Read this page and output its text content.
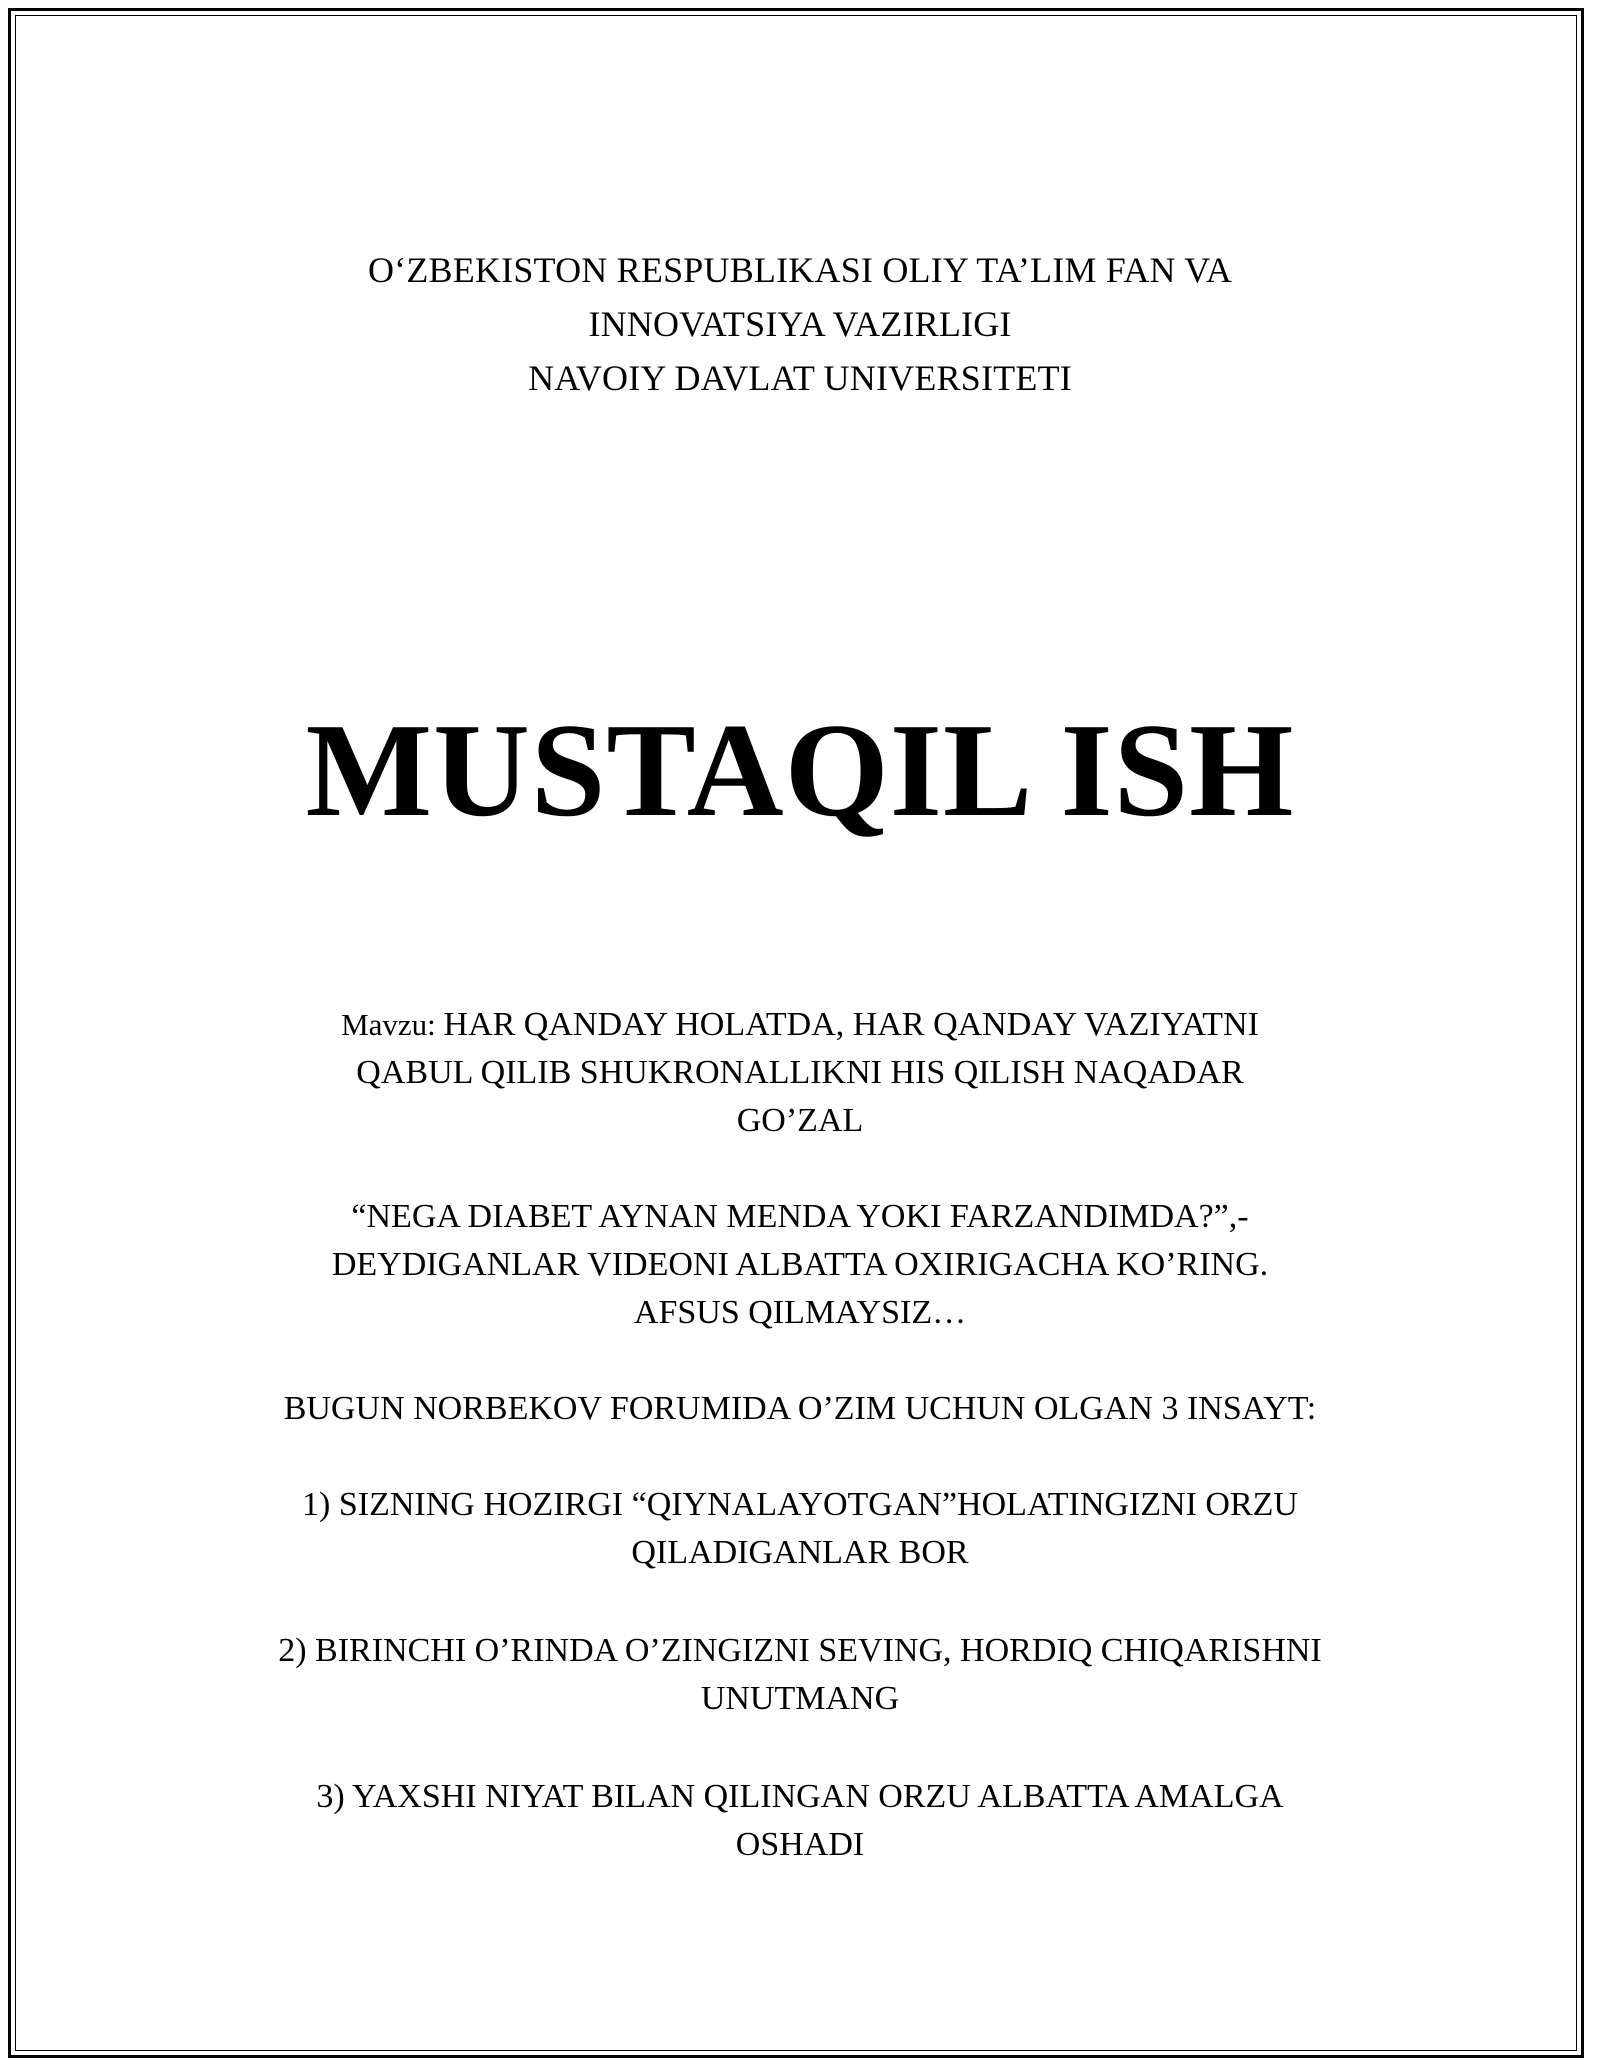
O‘ZBEKISTON RESPUBLIKASI OLIY TA’LIM FAN VA
INNOVATSIYA VAZIRLIGI
NAVOIY DAVLAT UNIVERSITETI
MUSTAQIL ISH
Mavzu: HAR QANDAY HOLATDA, HAR QANDAY VAZIYATNI
QABUL QILIB SHUKRONALLIKNI HIS QILISH NAQADAR
GO’ZAL
“NEGA DIABET AYNAN MENDA YOKI FARZANDIMDA?”,-
DEYDIGANLAR VIDEONI ALBATTA OXIRIGACHA KO’RING.
AFSUS QILMAYSIZ…
BUGUN NORBEKOV FORUMIDA O’ZIM UCHUN OLGAN 3 INSAYT:
1) SIZNING HOZIRGI “QIYNALAYOTGAN”HOLATINGIZNI ORZU
QILADIGANLAR BOR
2) BIRINCHI O’RINDA O’ZINGIZNI SEVING, HORDIQ CHIQARISHNI
UNUTMANG
3) YAXSHI NIYAT BILAN QILINGAN ORZU ALBATTA AMALGA
OSHADI
